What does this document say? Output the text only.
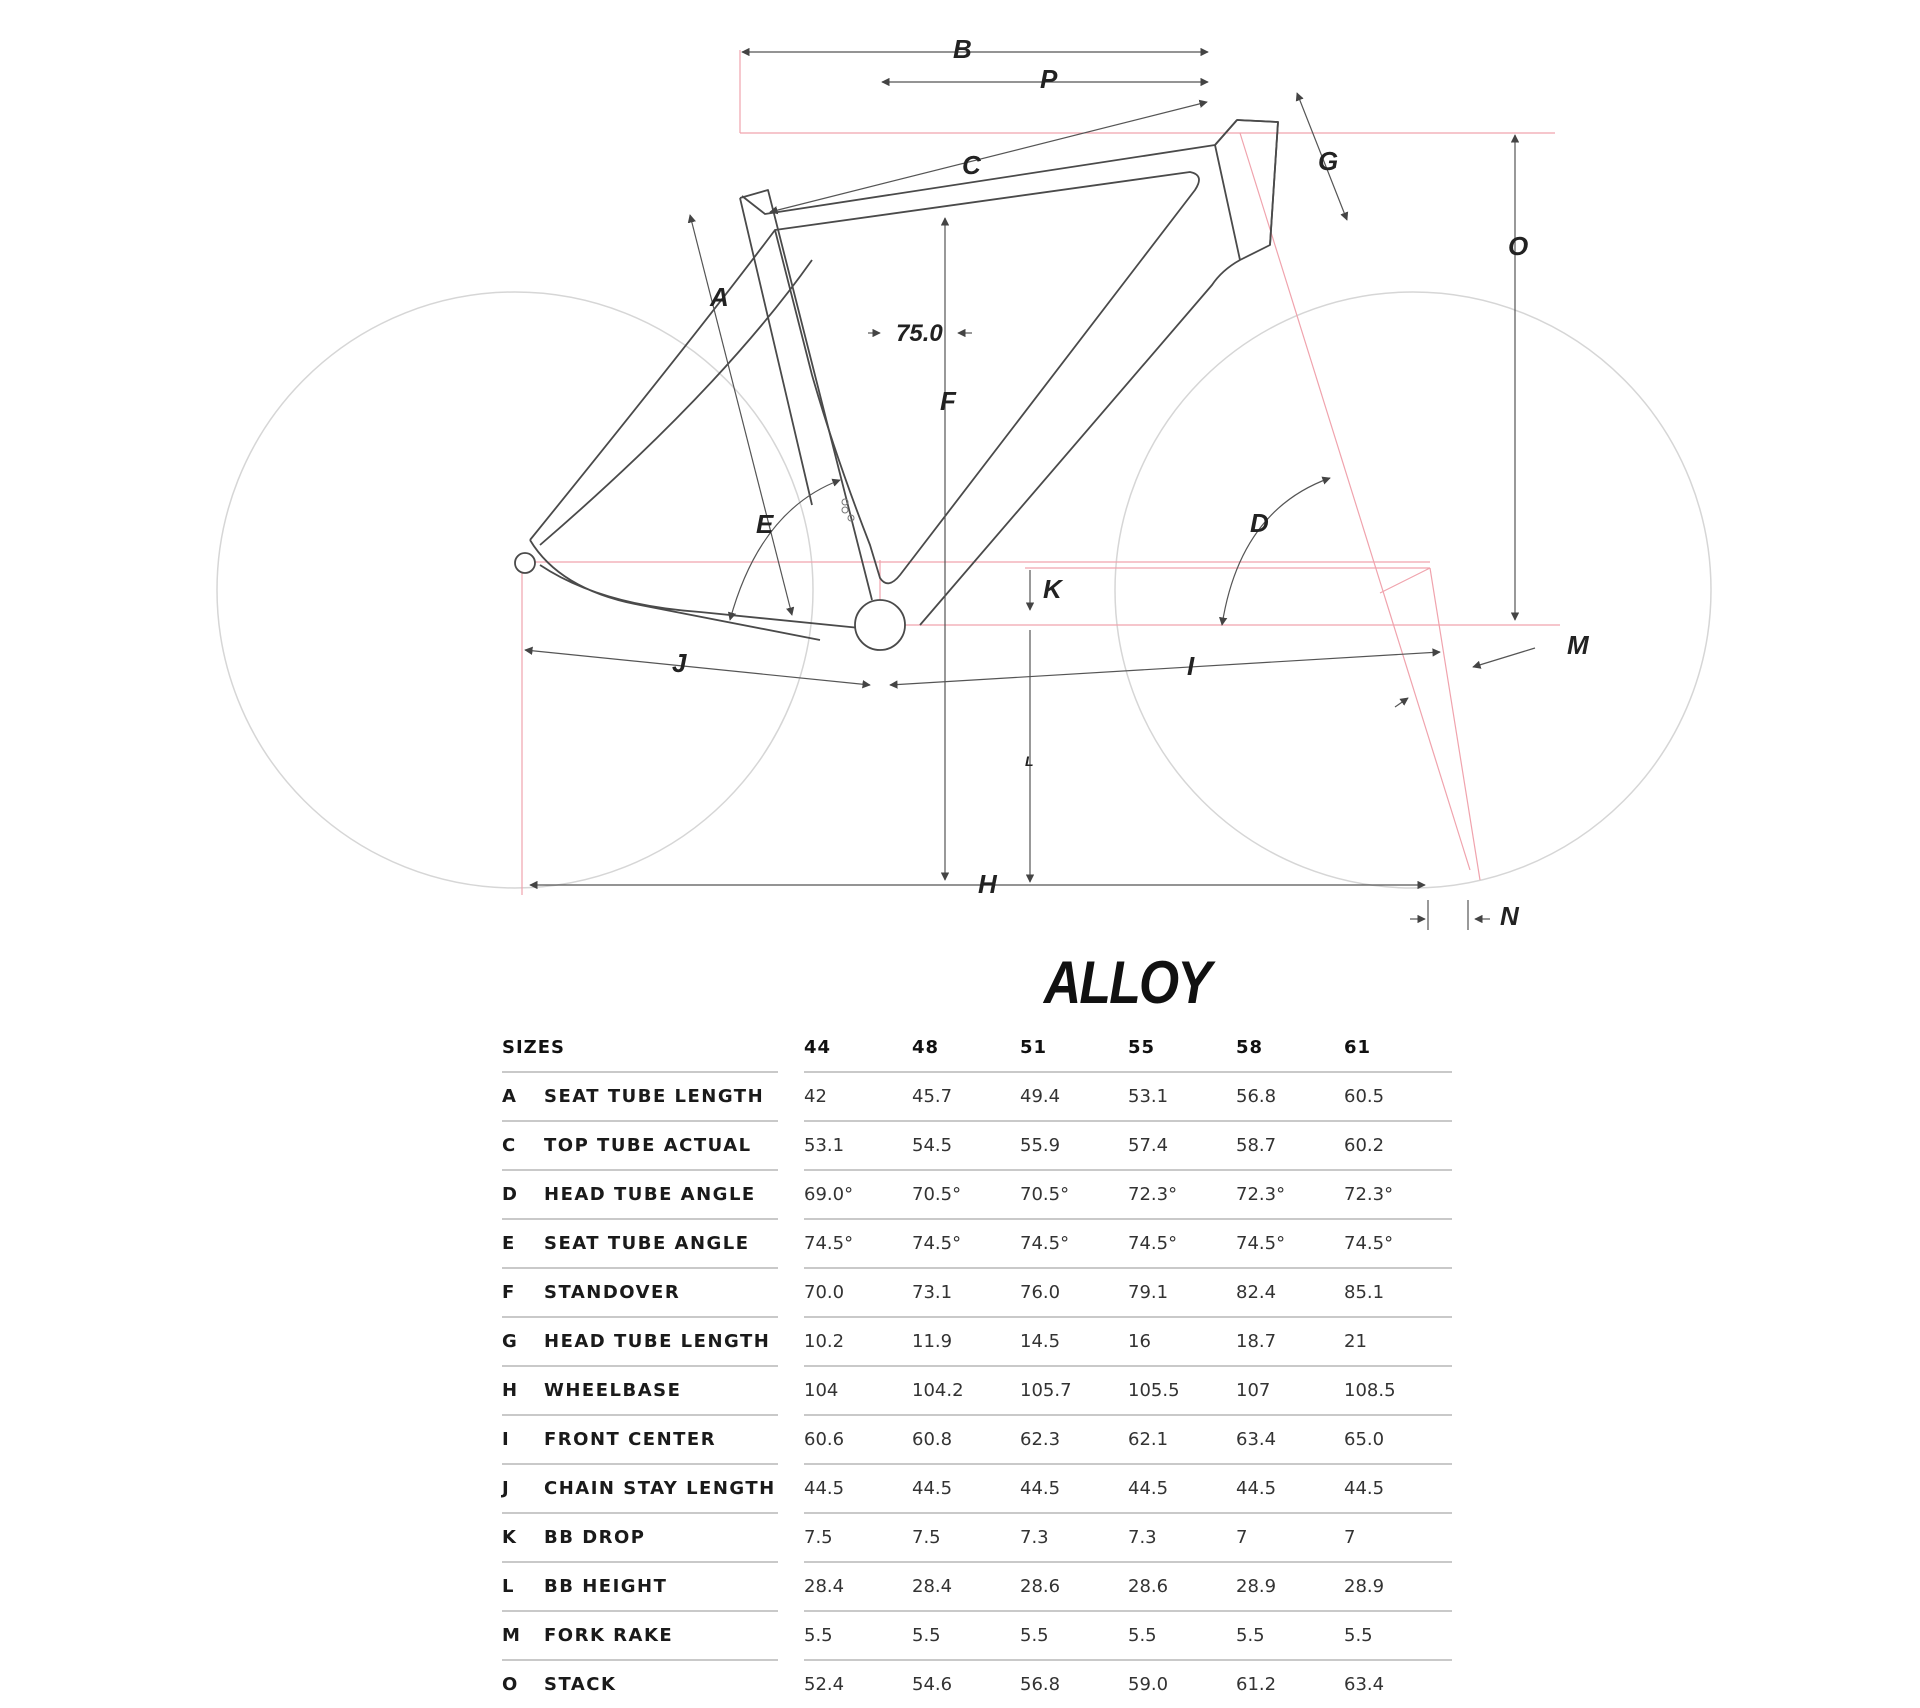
B
P
C	G
O
A
75.0
F
E	D
K
M
J	I
L
H
N
ALLOY
SIZES			44	48	51	55	58	61
A	SEAT TUBE LENGTH		42	45.7	49.4	53.1	56.8	60.5
C	TOP TUBE ACTUAL		53.1	54.5	55.9	57.4	58.7	60.2
D	HEAD TUBE ANGLE		69.0°	70.5°	70.5°	72.3°	72.3°	72.3°
E	SEAT TUBE ANGLE		74.5°	74.5°	74.5°	74.5°	74.5°	74.5°
F	STANDOVER		70.0	73.1	76.0	79.1	82.4	85.1
G	HEAD TUBE LENGTH		10.2	11.9	14.5	16	18.7	21
H	WHEELBASE		104	104.2	105.7	105.5	107	108.5
I	FRONT CENTER		60.6	60.8	62.3	62.1	63.4	65.0
J	CHAIN STAY LENGTH		44.5	44.5	44.5	44.5	44.5	44.5
K	BB DROP		7.5	7.5	7.3	7.3	7	7
L	BB HEIGHT		28.4	28.4	28.6	28.6	28.9	28.9
M	FORK RAKE		5.5	5.5	5.5	5.5	5.5	5.5
O	STACK		52.4	54.6	56.8	59.0	61.2	63.4
